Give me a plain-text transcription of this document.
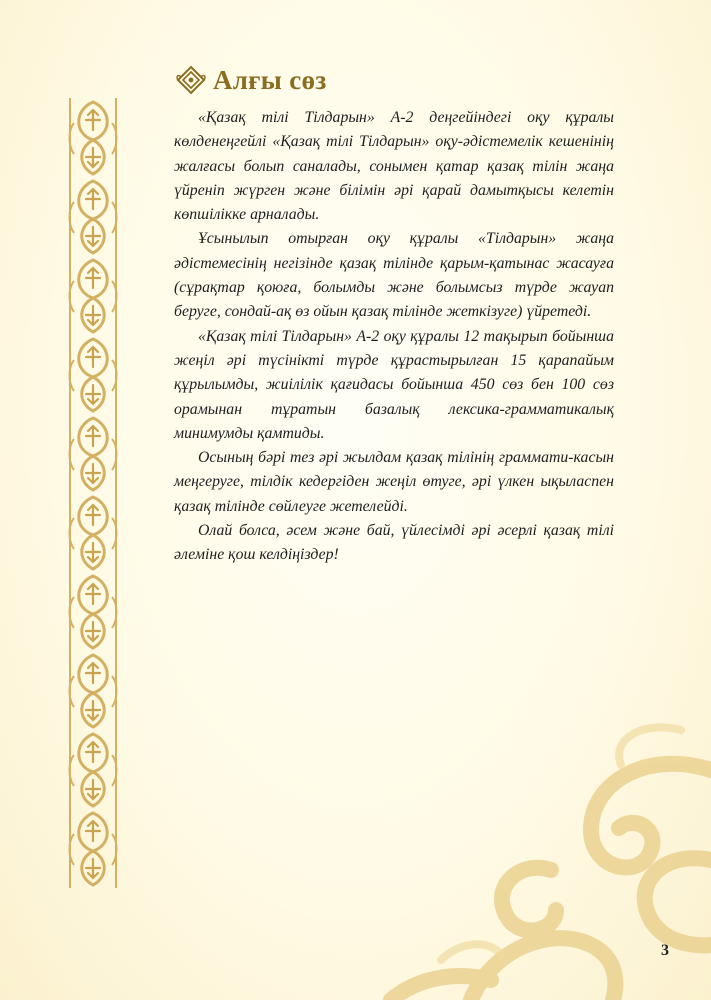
Алғы сөз

«Қазақ тілі Тілдарын» А-2 деңгейіндегі оқу құралы көлденеңгейлі «Қазақ тілі Тілдарын» оқу-әдістемелік кешенінің жалғасы болып саналады, сонымен қатар қазақ тілін жаңа үйреніп жүрген және білімін әрі қарай дамытқысы келетін көпшілікке арналады.

Ұсынылып отырған оқу құралы «Тілдарын» жаңа әдістемесінің негізінде қазақ тілінде қарым-қатынас жасауға (сұрақтар қоюға, болымды және болымсыз түрде жауап беруге, сондай-ақ өз ойын қазақ тілінде жеткізуге) үйретеді.

«Қазақ тілі Тілдарын» А-2 оқу құралы 12 тақырып бойынша жеңіл әрі түсінікті түрде құрастырылған 15 қарапайым құрылымды, жиілілік қағидасы бойынша 450 сөз бен 100 сөз орамынан тұратын базалық лексика-грамматикалық минимумды қамтиды.

Осының бәрі тез әрі жылдам қазақ тілінің граммати-касын меңгеруге, тілдік кедергіден жеңіл өтуге, әрі үлкен ықыласпен қазақ тілінде сөйлеуге жетелейді.

Олай болса, әсем және бай, үйлесімді әрі әсерлі қазақ тілі әлеміне қош келдіңіздер!

3
